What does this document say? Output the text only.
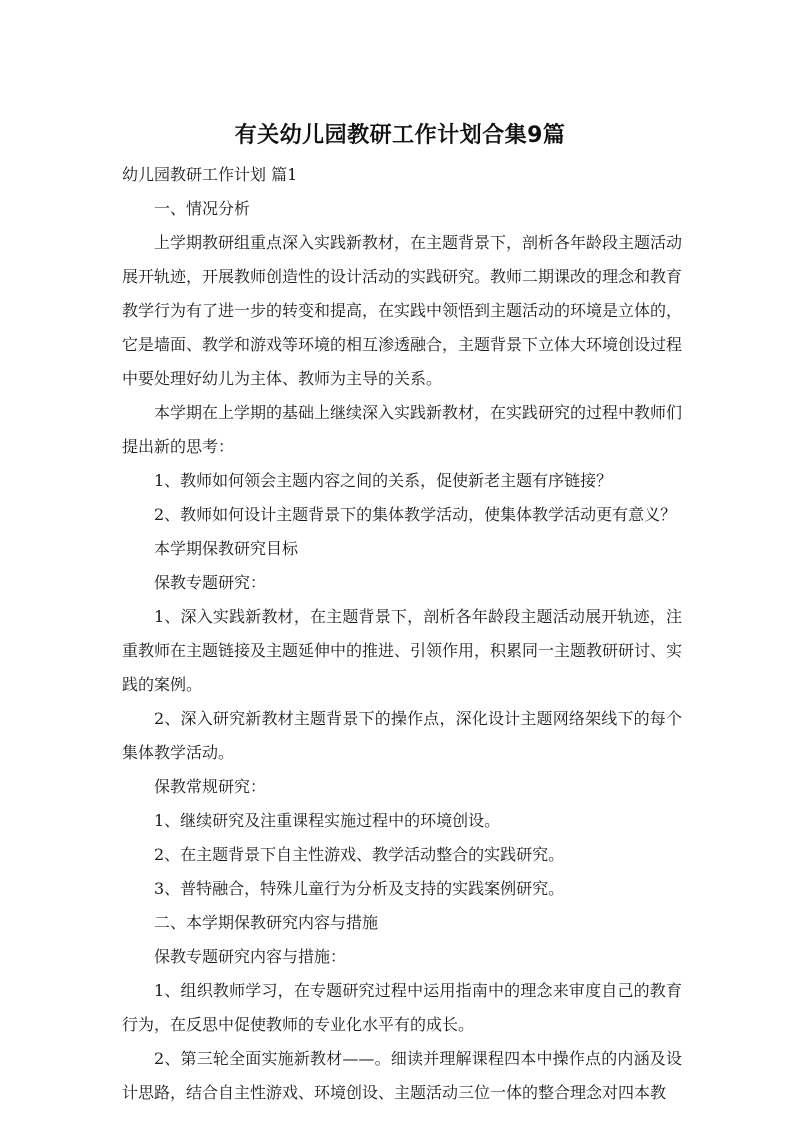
有关幼儿园教研工作计划合集9篇

幼儿园教研工作计划 篇1

一、情况分析

上学期教研组重点深入实践新教材，在主题背景下，剖析各年龄段主题活动展开轨迹，开展教师创造性的设计活动的实践研究。教师二期课改的理念和教育教学行为有了进一步的转变和提高，在实践中领悟到主题活动的环境是立体的，它是墙面、教学和游戏等环境的相互渗透融合，主题背景下立体大环境创设过程中要处理好幼儿为主体、教师为主导的关系。

本学期在上学期的基础上继续深入实践新教材，在实践研究的过程中教师们提出新的思考：

1、教师如何领会主题内容之间的关系，促使新老主题有序链接？

2、教师如何设计主题背景下的集体教学活动，使集体教学活动更有意义？

本学期保教研究目标

保教专题研究：

1、深入实践新教材，在主题背景下，剖析各年龄段主题活动展开轨迹，注重教师在主题链接及主题延伸中的推进、引领作用，积累同一主题教研研讨、实践的案例。

2、深入研究新教材主题背景下的操作点，深化设计主题网络架线下的每个集体教学活动。

保教常规研究：

1、继续研究及注重课程实施过程中的环境创设。

2、在主题背景下自主性游戏、教学活动整合的实践研究。

3、普特融合，特殊儿童行为分析及支持的实践案例研究。

二、本学期保教研究内容与措施

保教专题研究内容与措施：

1、组织教师学习，在专题研究过程中运用指南中的理念来审度自己的教育行为，在反思中促使教师的专业化水平有的成长。

2、第三轮全面实施新教材——。细读并理解课程四本中操作点的内涵及设计思路，结合自主性游戏、环境创设、主题活动三位一体的整合理念对四本教
